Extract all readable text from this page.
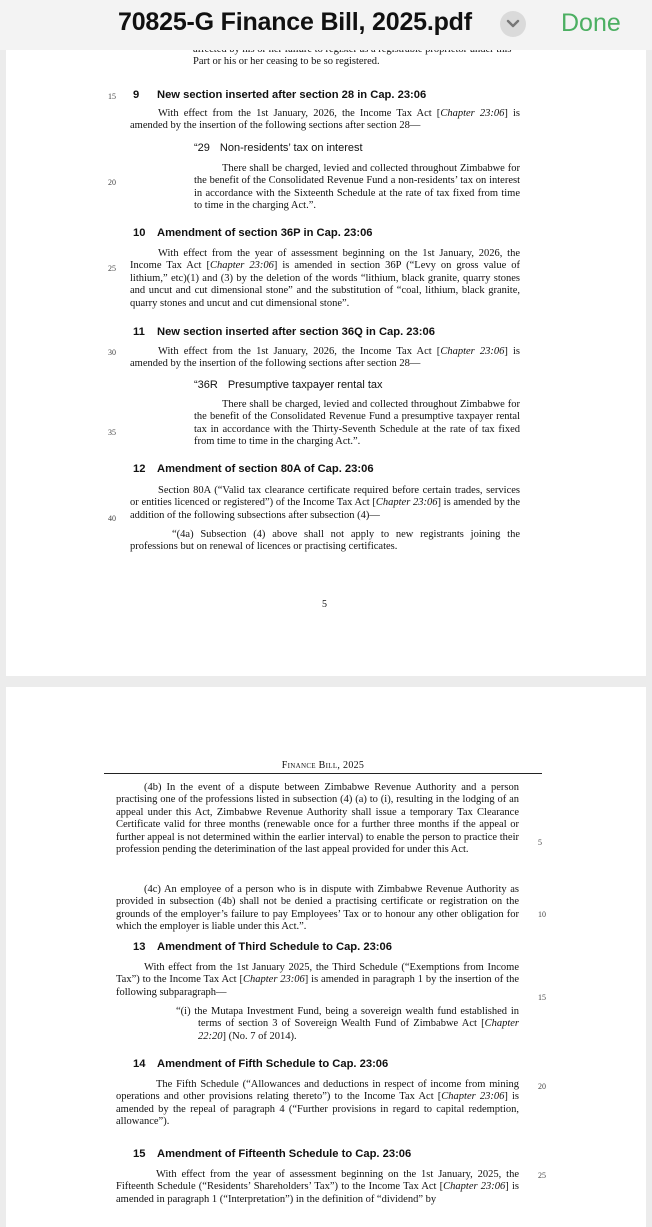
70825-G Finance Bill, 2025.pdf	Done

Part or his or her ceasing to be so registered.

15 9 New section inserted after section 28 in Cap. 23:06

With effect from the 1st January, 2026, the Income Tax Act [Chapter 23:06] is amended by the insertion of the following sections after section 28—

“29 Non-residents’ tax on interest
20

There shall be charged, levied and collected throughout Zimbabwe for the benefit of the Consolidated Revenue Fund a non-residents’ tax on interest in accordance with the Sixteenth Schedule at the rate of tax fixed from time to time in the charging Act.”.

10 Amendment of section 36P in Cap. 23:06
25

With effect from the year of assessment beginning on the 1st January, 2026, the Income Tax Act [Chapter 23:06] is amended in section 36P (“Levy on gross value of lithium,” etc)(1) and (3) by the deletion of the words “lithium, black granite, quarry stones and uncut and cut dimensional stone” and the substitution of “coal, lithium, black granite, quarry stones and uncut and cut dimensional stone”.

11 New section inserted after section 36Q in Cap. 23:06
30	With effect from the 1st January, 2026, the Income Tax Act [Chapter 23:06] is amended by the insertion of the following sections after section 28—

“36R Presumptive taxpayer rental tax
35

There shall be charged, levied and collected throughout Zimbabwe for the benefit of the Consolidated Revenue Fund a presumptive taxpayer rental tax in accordance with the Thirty-Seventh Schedule at the rate of tax fixed from time to time in the charging Act.”.

12 Amendment of section 80A of Cap. 23:06
40

Section 80A (“Valid tax clearance certificate required before certain trades, services or entities licenced or registered”) of the Income Tax Act [Chapter 23:06] is amended by the addition of the following subsections after subsection (4)—

“(4a) Subsection (4) above shall not apply to new registrants joining the professions but on renewal of licences or practising certificates.

5
Finance Bill, 2025

(4b) In the event of a dispute between Zimbabwe Revenue Authority and a person practising one of the professions listed in subsection (4) (a) to (i), resulting in the lodging of an appeal under this Act, Zimbabwe Revenue Authority shall issue a temporary Tax Clearance Certificate valid for three months (renewable once for a further three months if the appeal or further appeal is not determined within the earlier interval) to enable the person to practice their profession pending the deterimination of the last appeal provided for under this Act.

5

(4c) An employee of a person who is in dispute with Zimbabwe Revenue Authority as provided in subsection (4b) shall not be denied a practising certificate or registration on the grounds of the employer’s failure to pay Employees’ Tax or to honour any other obligation for which the employer is liable under this Act.”.

10
13 Amendment of Third Schedule to Cap. 23:06

With effect from the 1st January 2025, the Third Schedule (“Exemptions from Income Tax”) to the Income Tax Act [Chapter 23:06] is amended in paragraph 1 by the insertion of the following subparagraph—	15

“(i) the Mutapa Investment Fund, being a sovereign wealth fund established in terms of section 3 of Sovereign Wealth Fund of Zimbabwe Act [Chapter 22:20] (No. 7 of 2014).

14 Amendment of Fifth Schedule to Cap. 23:06

The Fifth Schedule (“Allowances and deductions in respect of income from mining operations and other provisions relating thereto”) to the Income Tax Act [Chapter 23:06] is amended by the repeal of paragraph 4 (“Further provisions in regard to capital redemption, allowance”).

20
15 Amendment of Fifteenth Schedule to Cap. 23:06

With effect from the year of assessment beginning on the 1st January, 2025, the Fifteenth Schedule (“Residents’ Shareholders’ Tax”) to the Income Tax Act [Chapter 23:06] is amended in paragraph 1 (“Interpretation”) in the definition of “dividend” by

25
